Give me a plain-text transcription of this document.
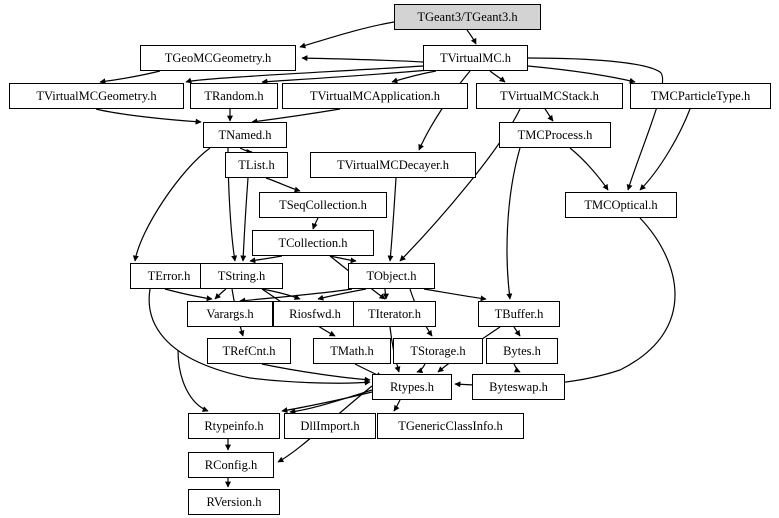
TGeant3/TGeant3.h
TGeoMCGeometry.h	TVirtualMC.h
TVirtualMCGeometry.h	TRandom.h	TVirtualMCApplication.h	TVirtualMCStack.h	TMCParticleType.h
TNamed.h	TMCProcess.h
TList.h	TVirtualMCDecayer.h
TSeqCollection.h	TMCOptical.h
TCollection.h
TError.h TString.h	TObject.h
Varargs.h	Riosfwd.h TIterator.h	TBuffer.h
TRefCnt.h	TMath.h	TStorage.h	Bytes.h
Rtypes.h	Byteswap.h
Rtypeinfo.h	DllImport.h	TGenericClassInfo.h
RConfig.h
RVersion.h
